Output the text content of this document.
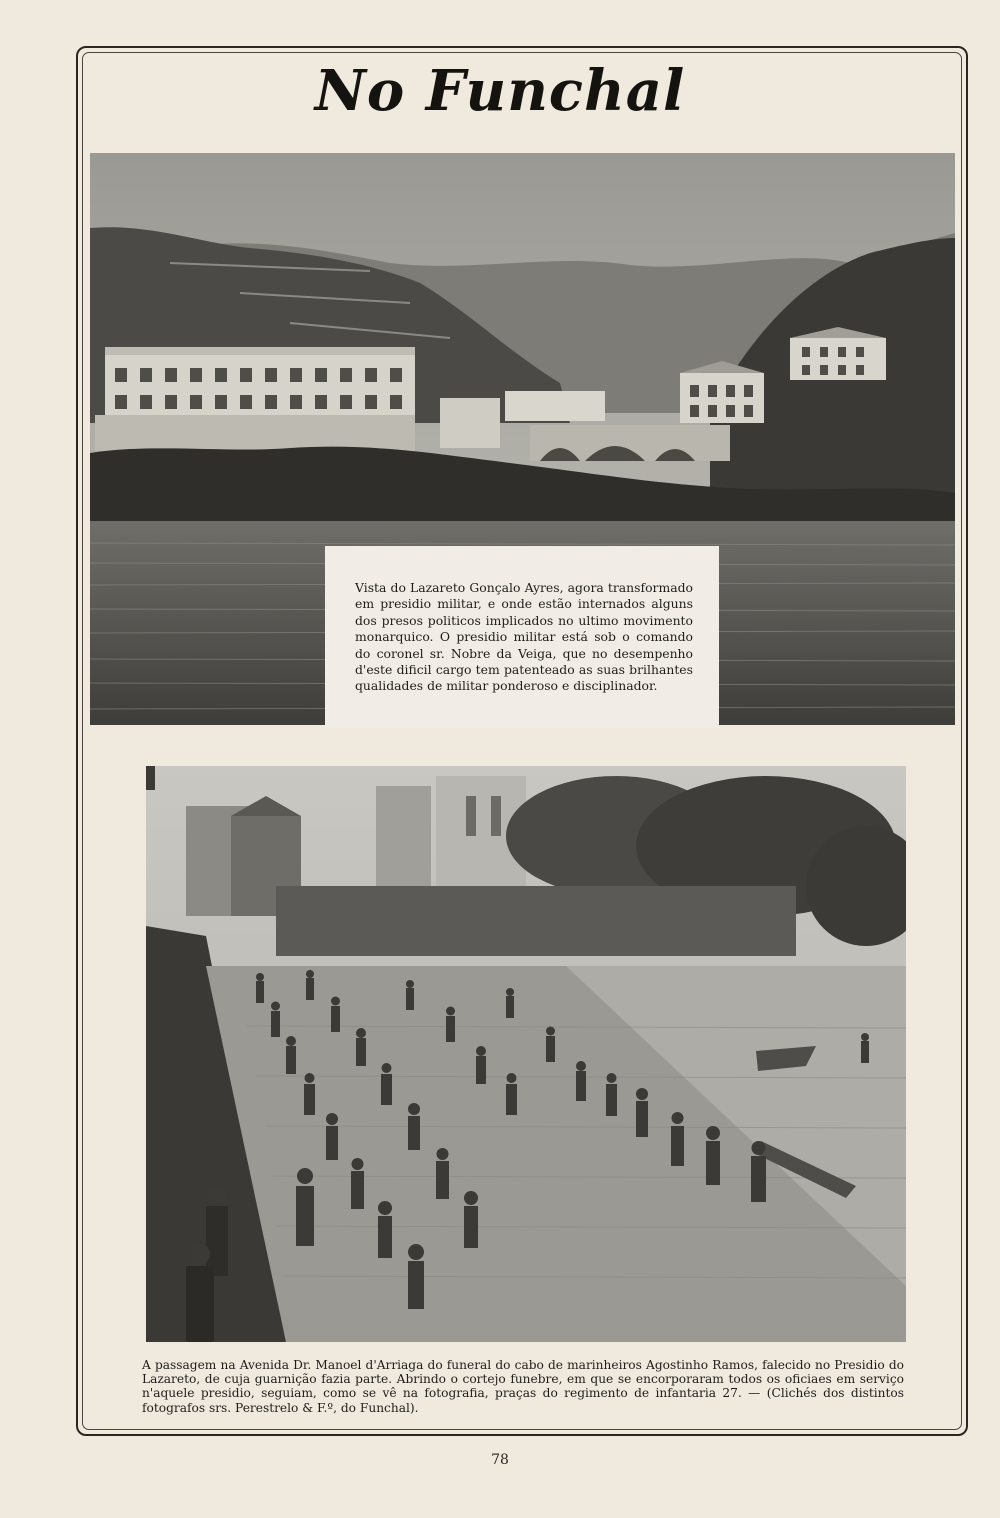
No Funchal
Vista do Lazareto Gonçalo Ayres, agora transformado em presidio militar, e onde estão internados alguns dos presos politicos implicados no ultimo movimento monarquico. O presidio militar está sob o comando do coronel sr. Nobre da Veiga, que no desempenho d'este dificil cargo tem patenteado as suas brilhantes qualidades de militar ponderoso e disciplinador.
A passagem na Avenida Dr. Manoel d'Arriaga do funeral do cabo de marinheiros Agostinho Ramos, falecido no Presidio do Lazareto, de cuja guarnição fazia parte. Abrindo o cortejo funebre, em que se encorporaram todos os oficiaes em serviço n'aquele presidio, seguiam, como se vê na fotografia, praças do regimento de infantaria 27. — (Clichés dos distintos fotografos srs. Perestrelo & F.º, do Funchal).
78
